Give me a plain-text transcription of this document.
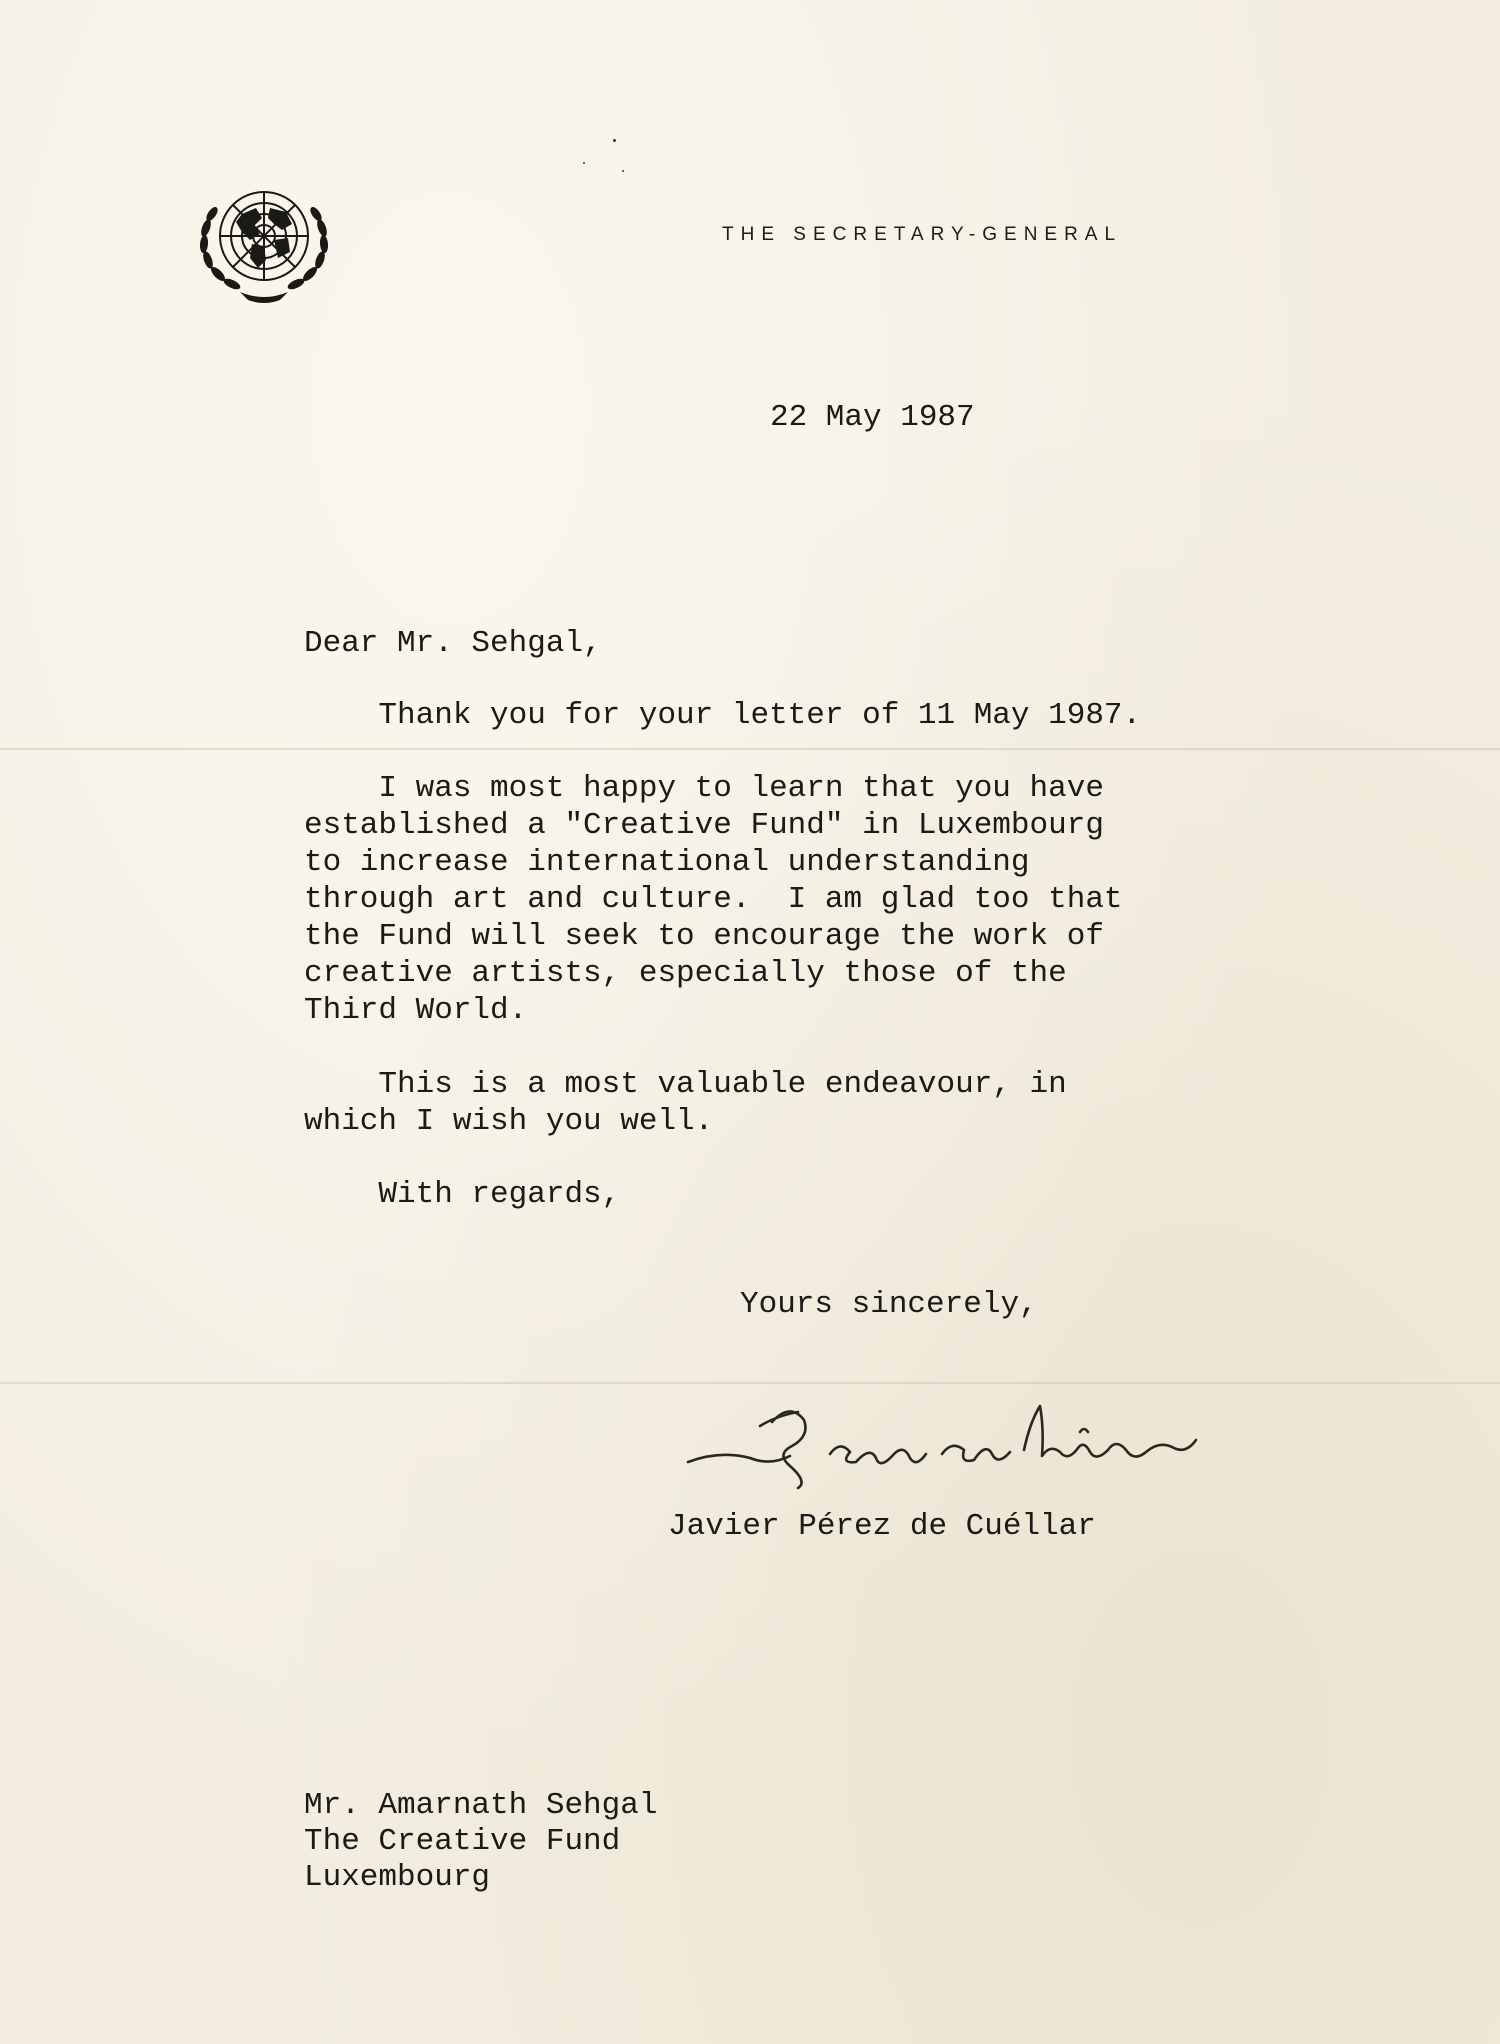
THE SECRETARY-GENERAL
22 May 1987
Dear Mr. Sehgal,

Thank you for your letter of 11 May 1987.

I was most happy to learn that you have
established a "Creative Fund" in Luxembourg
to increase international understanding
through art and culture.  I am glad too that
the Fund will seek to encourage the work of
creative artists, especially those of the
Third World.

This is a most valuable endeavour, in
which I wish you well.

With regards,

Yours sincerely,
Javier Pérez de Cuéllar

Mr. Amarnath Sehgal
The Creative Fund
Luxembourg
